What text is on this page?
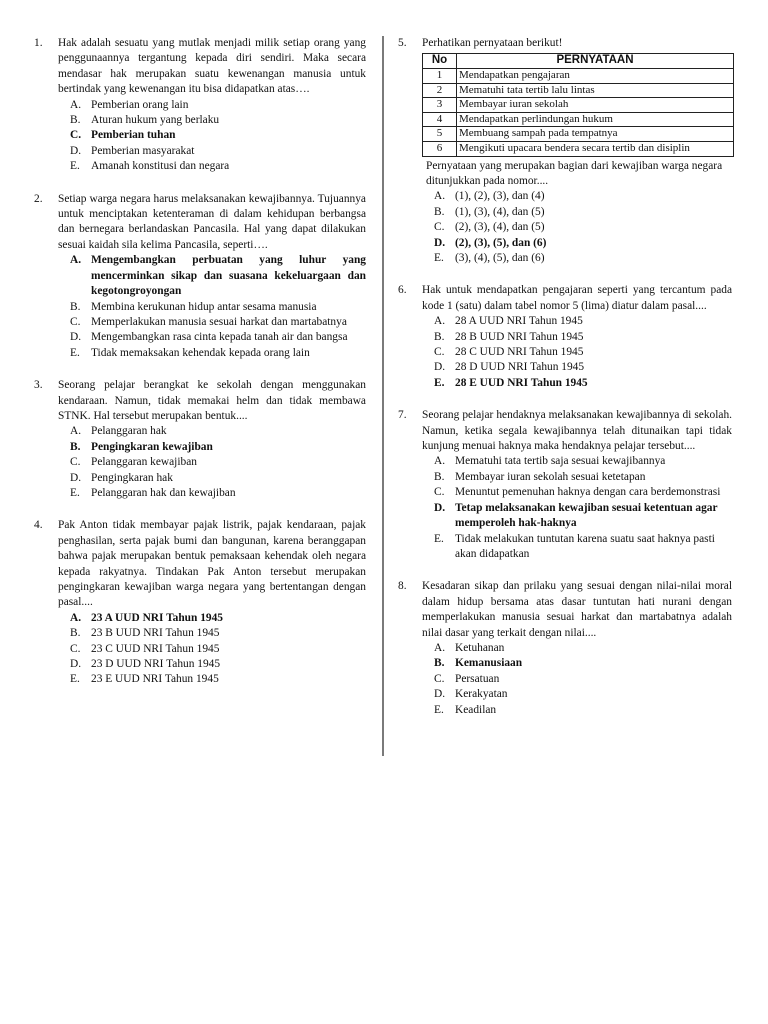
1. Hak adalah sesuatu yang mutlak menjadi milik setiap orang yang penggunaannya tergantung kepada diri sendiri. Maka secara mendasar hak merupakan suatu kewenangan manusia untuk bertindak yang kewenangan itu bisa didapatkan atas….
A. Pemberian orang lain
B. Aturan hukum yang berlaku
C. Pemberian tuhan
D. Pemberian masyarakat
E. Amanah konstitusi dan negara
2. Setiap warga negara harus melaksanakan kewajibannya. Tujuannya untuk menciptakan ketenteraman di dalam kehidupan berbangsa dan bernegara berlandaskan Pancasila. Hal yang dapat dilakukan sesuai kaidah sila kelima Pancasila, seperti….
A. Mengembangkan perbuatan yang luhur yang mencerminkan sikap dan suasana kekeluargaan dan kegotongroyongan
B. Membina kerukunan hidup antar sesama manusia
C. Memperlakukan manusia sesuai harkat dan martabatnya
D. Mengembangkan rasa cinta kepada tanah air dan bangsa
E. Tidak memaksakan kehendak kepada orang lain
3. Seorang pelajar berangkat ke sekolah dengan menggunakan kendaraan. Namun, tidak memakai helm dan tidak membawa STNK. Hal tersebut merupakan bentuk....
A. Pelanggaran hak
B. Pengingkaran kewajiban
C. Pelanggaran kewajiban
D. Pengingkaran hak
E. Pelanggaran hak dan kewajiban
4. Pak Anton tidak membayar pajak listrik, pajak kendaraan, pajak penghasilan, serta pajak bumi dan bangunan, karena beranggapan bahwa pajak merupakan bentuk pemaksaan kehendak oleh negara kepada rakyatnya. Tindakan Pak Anton tersebut merupakan pengingkaran kewajiban warga negara yang bertentangan dengan pasal....
A. 23 A UUD NRI Tahun 1945
B. 23 B UUD NRI Tahun 1945
C. 23 C UUD NRI Tahun 1945
D. 23 D UUD NRI Tahun 1945
E. 23 E UUD NRI Tahun 1945
5. Perhatikan pernyataan berikut!
No	PERNYATAAN
1	Mendapatkan pengajaran
2	Mematuhi tata tertib lalu lintas
3	Membayar iuran sekolah
4	Mendapatkan perlindungan hukum
5	Membuang sampah pada tempatnya
6	Mengikuti upacara bendera secara tertib dan disiplin
Pernyataan yang merupakan bagian dari kewajiban warga negara ditunjukkan pada nomor....
A. (1), (2), (3), dan (4)
B. (1), (3), (4), dan (5)
C. (2), (3), (4), dan (5)
D. (2), (3), (5), dan (6)
E. (3), (4), (5), dan (6)
6. Hak untuk mendapatkan pengajaran seperti yang tercantum pada kode 1 (satu) dalam tabel nomor 5 (lima) diatur dalam pasal....
A. 28 A UUD NRI Tahun 1945
B. 28 B UUD NRI Tahun 1945
C. 28 C UUD NRI Tahun 1945
D. 28 D UUD NRI Tahun 1945
E. 28 E UUD NRI Tahun 1945
7. Seorang pelajar hendaknya melaksanakan kewajibannya di sekolah. Namun, ketika segala kewajibannya telah ditunaikan tapi tidak kunjung menuai haknya maka hendaknya pelajar tersebut....
A. Mematuhi tata tertib saja sesuai kewajibannya
B. Membayar iuran sekolah sesuai ketetapan
C. Menuntut pemenuhan haknya dengan cara berdemonstrasi
D. Tetap melaksanakan kewajiban sesuai ketentuan agar memperoleh hak-haknya
E. Tidak melakukan tuntutan karena suatu saat haknya pasti akan didapatkan
8. Kesadaran sikap dan prilaku yang sesuai dengan nilai-nilai moral dalam hidup bersama atas dasar tuntutan hati nurani dengan memperlakukan manusia sesuai harkat dan martabatnya adalah nilai dasar yang terkait dengan nilai....
A. Ketuhanan
B. Kemanusiaan
C. Persatuan
D. Kerakyatan
E. Keadilan
